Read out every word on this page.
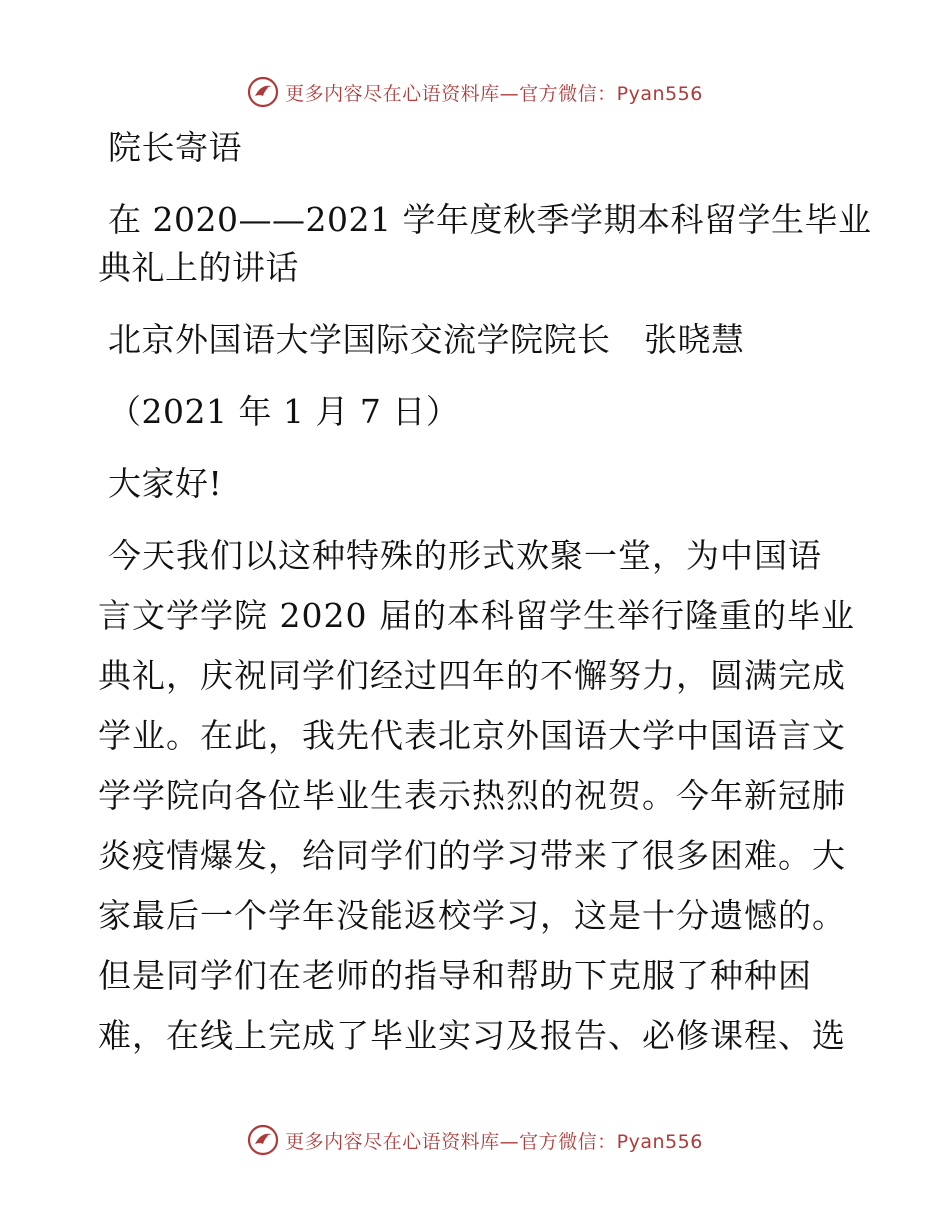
更多内容尽在心语资料库—官方微信：Pyan556
院长寄语
在 2020——2021 学年度秋季学期本科留学生毕业
典礼上的讲话
北京外国语大学国际交流学院院长　张晓慧
（2021 年 1 月 7 日）
大家好!
今天我们以这种特殊的形式欢聚一堂，为中国语
言文学学院 2020 届的本科留学生举行隆重的毕业
典礼，庆祝同学们经过四年的不懈努力，圆满完成
学业。在此，我先代表北京外国语大学中国语言文
学学院向各位毕业生表示热烈的祝贺。今年新冠肺
炎疫情爆发，给同学们的学习带来了很多困难。大
家最后一个学年没能返校学习，这是十分遗憾的。
但是同学们在老师的指导和帮助下克服了种种困
难，在线上完成了毕业实习及报告、必修课程、选
更多内容尽在心语资料库—官方微信：Pyan556
